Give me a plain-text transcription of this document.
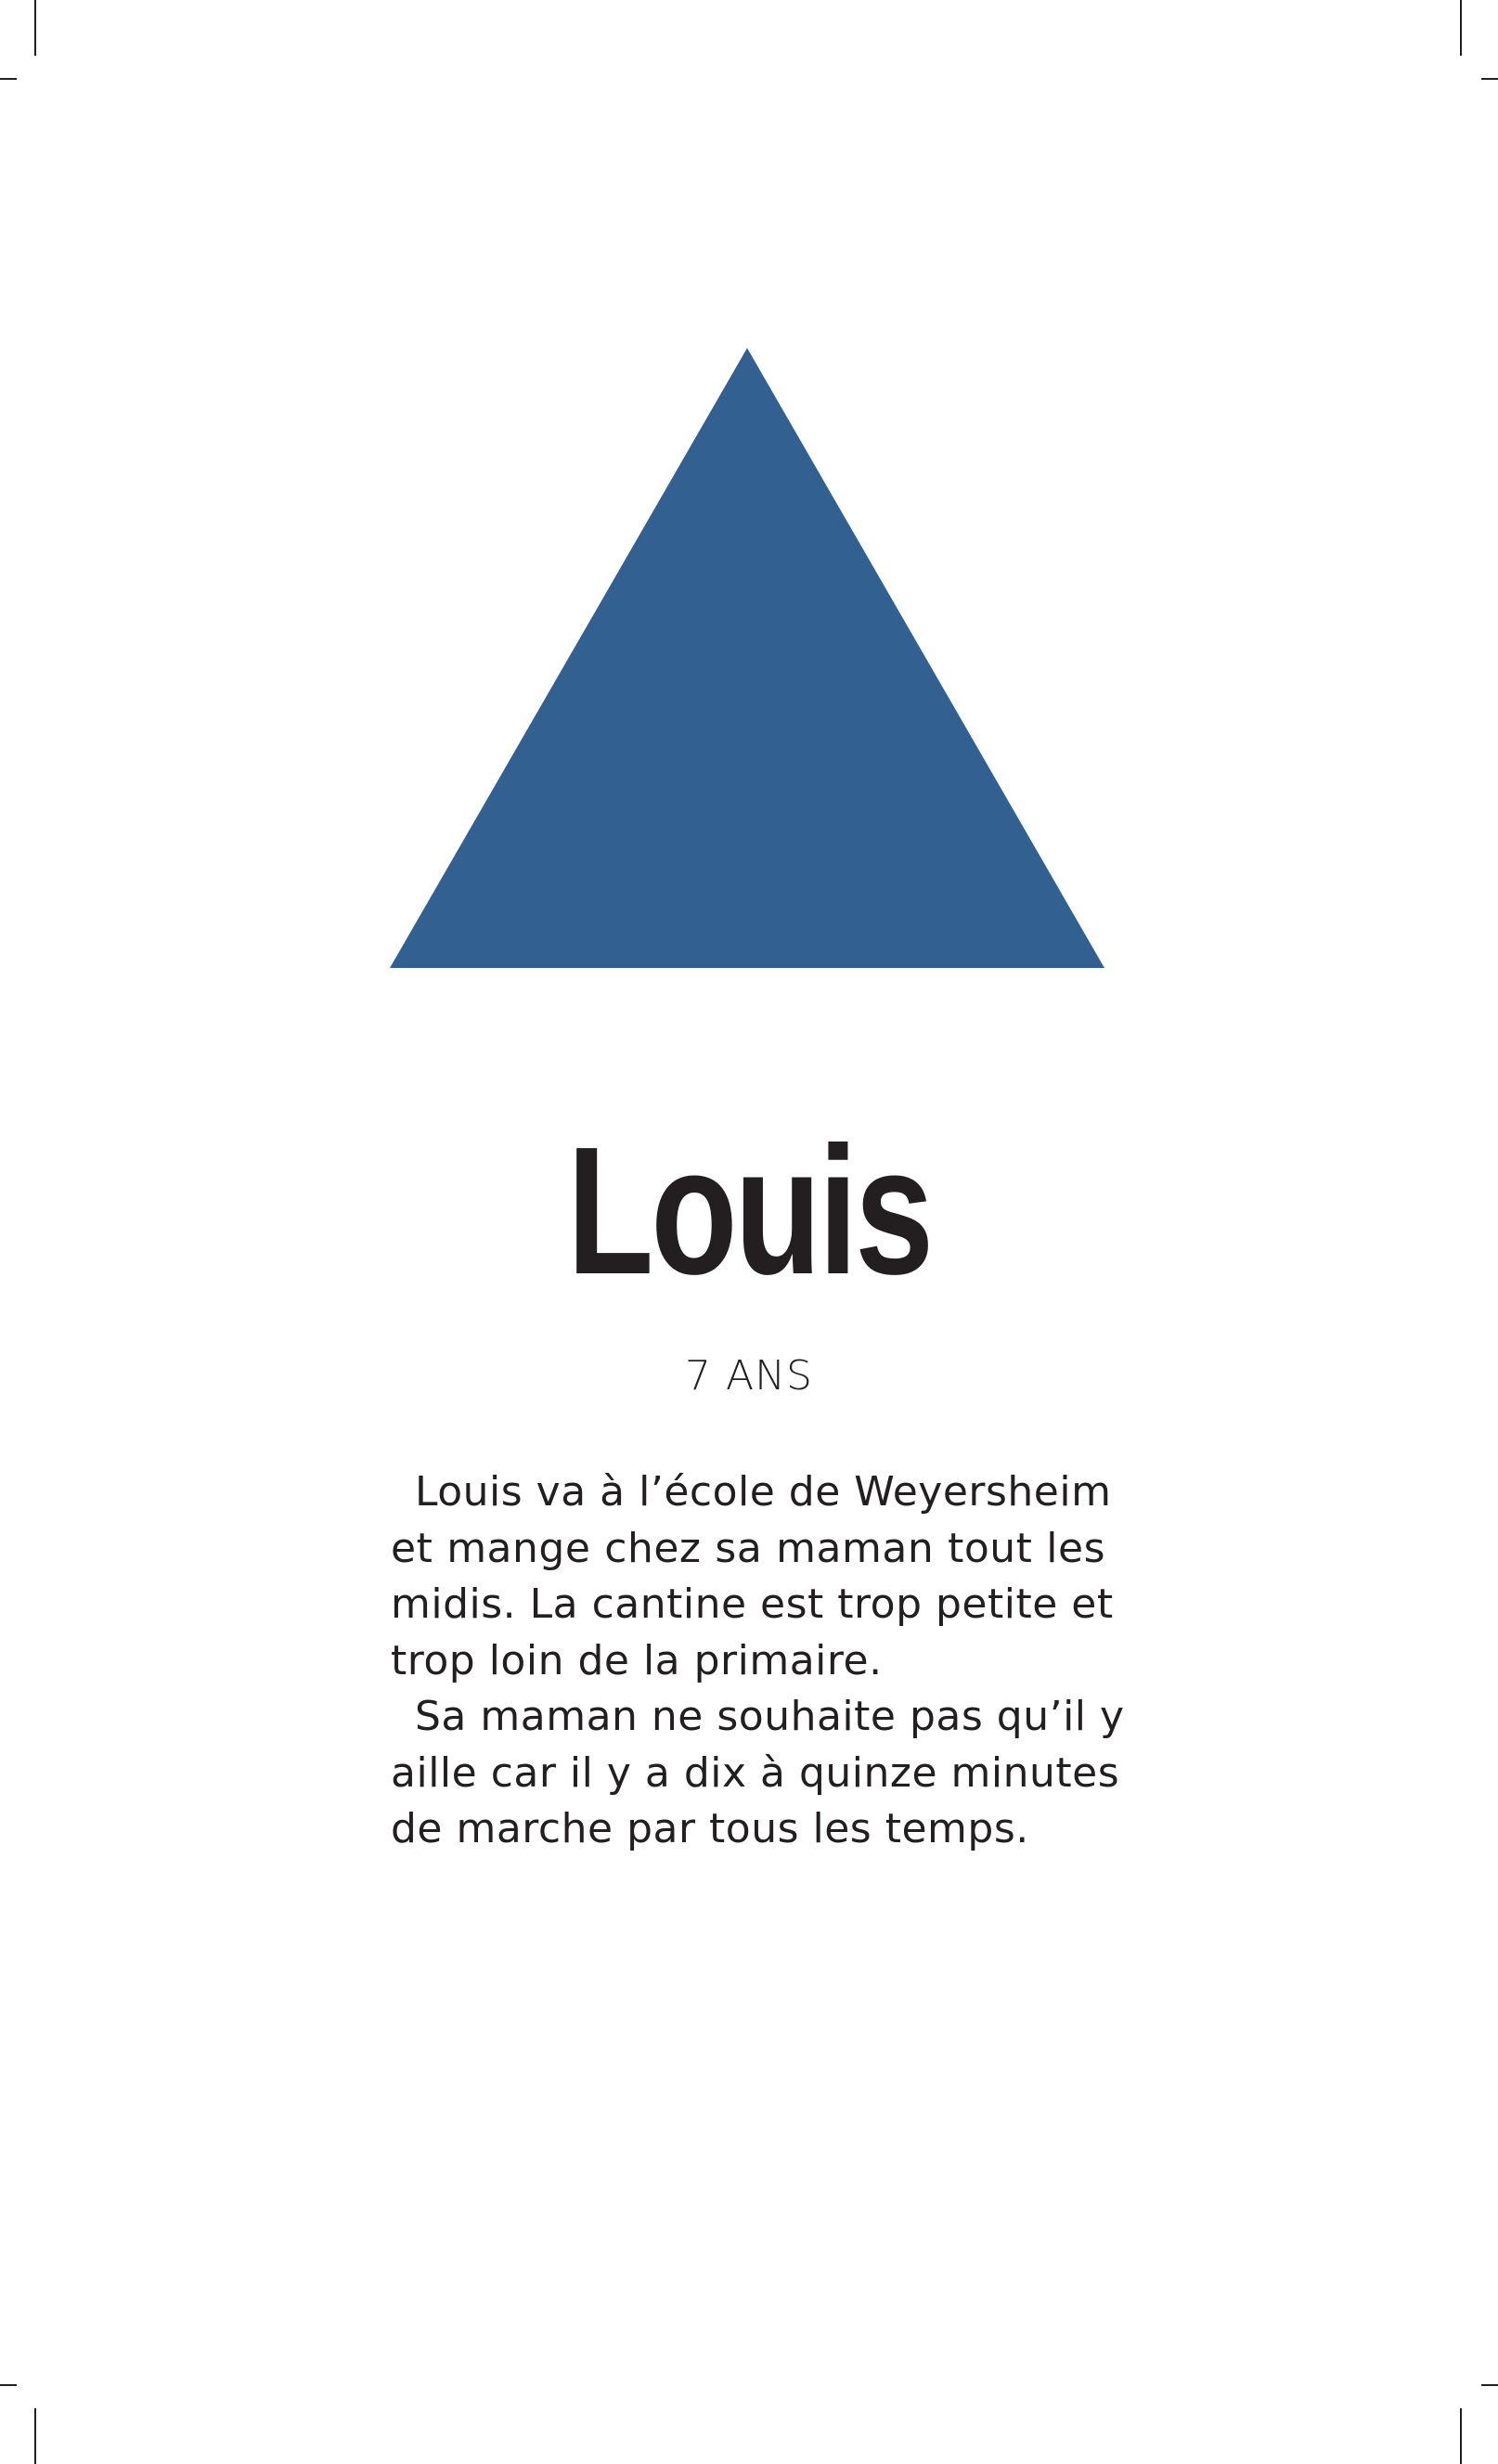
Louis
7 ANS
Louis va à l’école de Weyersheim
et mange chez sa maman tout les
midis. La cantine est trop petite et
trop loin de la primaire.
Sa maman ne souhaite pas qu’il y
aille car il y a dix à quinze minutes
de marche par tous les temps.
